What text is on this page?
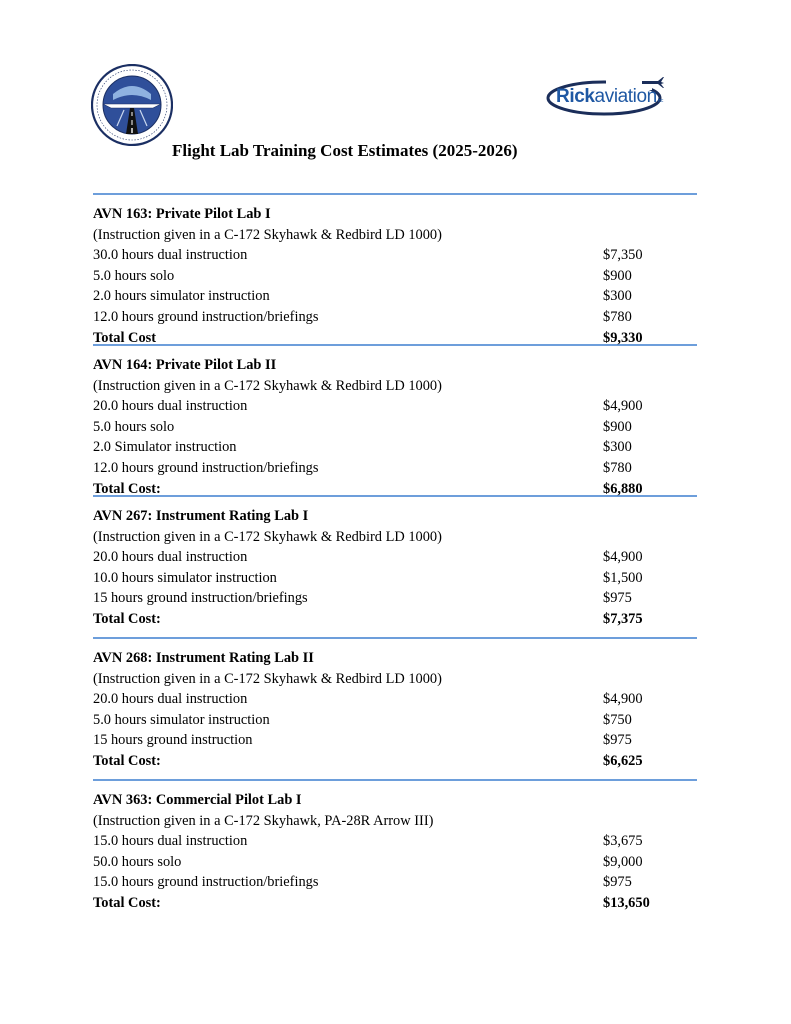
Rickaviationinc
Flight Lab Training Cost Estimates (2025-2026)
AVN 163: Private Pilot Lab I
(Instruction given in a C-172 Skyhawk & Redbird LD 1000)
30.0 hours dual instruction	$7,350
5.0 hours solo	$900
2.0 hours simulator instruction	$300
12.0 hours ground instruction/briefings	$780
Total Cost	$9,330
AVN 164: Private Pilot Lab II
(Instruction given in a C-172 Skyhawk & Redbird LD 1000)
20.0 hours dual instruction	$4,900
5.0 hours solo	$900
2.0 Simulator instruction	$300
12.0 hours ground instruction/briefings	$780
Total Cost:	$6,880
AVN 267: Instrument Rating Lab I
(Instruction given in a C-172 Skyhawk & Redbird LD 1000)
20.0 hours dual instruction	$4,900
10.0 hours simulator instruction	$1,500
15 hours ground instruction/briefings	$975
Total Cost:	$7,375
AVN 268: Instrument Rating Lab II
(Instruction given in a C-172 Skyhawk & Redbird LD 1000)
20.0 hours dual instruction	$4,900
5.0 hours simulator instruction	$750
15 hours ground instruction	$975
Total Cost:	$6,625
AVN 363: Commercial Pilot Lab I
(Instruction given in a C-172 Skyhawk, PA-28R Arrow III)
15.0 hours dual instruction	$3,675
50.0 hours solo	$9,000
15.0 hours ground instruction/briefings	$975
Total Cost:	$13,650
